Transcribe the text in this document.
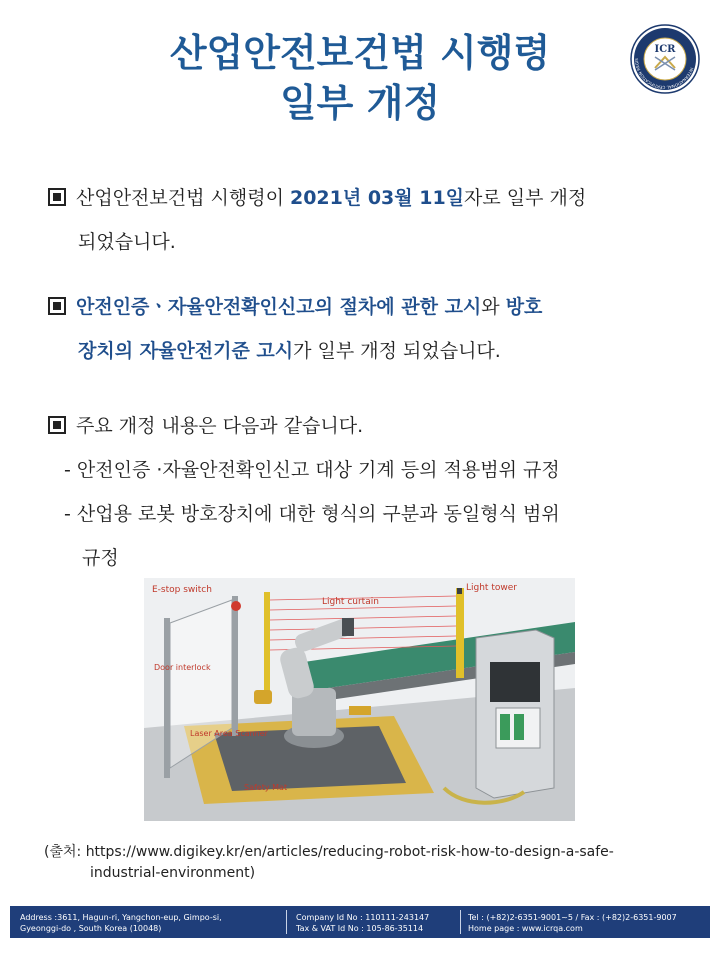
산업안전보건법 시행령
일부 개정
INTERNATIONAL CERTIFICATION REGIS
ICR
산업안전보건법 시행령이 2021년 03월 11일자로 일부 개정
되었습니다.
안전인증ㆍ자율안전확인신고의 절차에 관한 고시와 방호
장치의 자율안전기준 고시가 일부 개정 되었습니다.
주요 개정 내용은 다음과 같습니다.
- 안전인증 ·자율안전확인신고 대상 기계 등의 적용범위 규정
- 산업용 로봇 방호장치에 대한 형식의 구분과 동일형식 범위
규정
E-stop switch
Light curtain
Light tower
Door interlock
Laser Area Scanner
Safety Mat
(출처: https://www.digikey.kr/en/articles/reducing-robot-risk-how-to-design-a-safe-
industrial-environment)
Address :3611, Hagun-ri, Yangchon-eup, Gimpo-si,
Gyeonggi-do , South Korea (10048)
Company Id No : 110111-243147
Tax & VAT Id No : 105-86-35114
Tel : (+82)2-6351-9001~5 / Fax : (+82)2-6351-9007
Home page : www.icrqa.com
